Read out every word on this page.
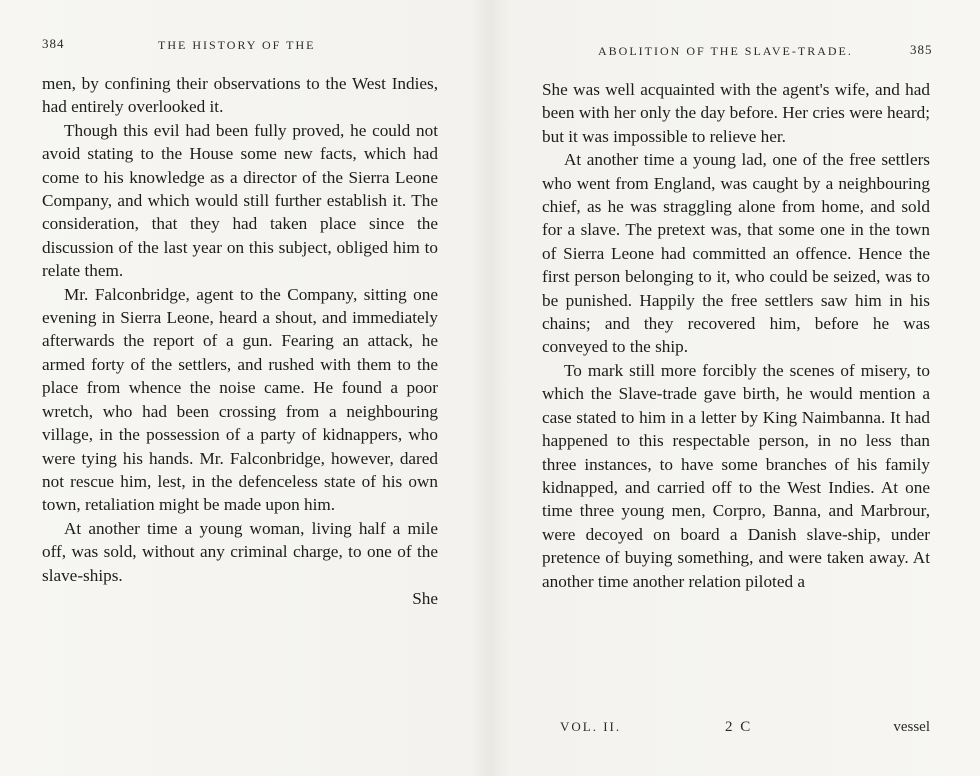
384	THE HISTORY OF THE

men, by confining their observations to the West Indies, had entirely overlooked it.

Though this evil had been fully proved, he could not avoid stating to the House some new facts, which had come to his knowledge as a director of the Sierra Leone Company, and which would still further establish it. The consideration, that they had taken place since the discussion of the last year on this subject, obliged him to relate them.

Mr. Falconbridge, agent to the Company, sitting one evening in Sierra Leone, heard a shout, and immediately afterwards the report of a gun. Fearing an attack, he armed forty of the settlers, and rushed with them to the place from whence the noise came. He found a poor wretch, who had been crossing from a neighbouring village, in the possession of a party of kidnappers, who were tying his hands. Mr. Falconbridge, however, dared not rescue him, lest, in the defenceless state of his own town, retaliation might be made upon him.

At another time a young woman, living half a mile off, was sold, without any criminal charge, to one of the slave-ships.

She

ABOLITION OF THE SLAVE-TRADE.	385

She was well acquainted with the agent's wife, and had been with her only the day before. Her cries were heard; but it was impossible to relieve her.

At another time a young lad, one of the free settlers who went from England, was caught by a neighbouring chief, as he was straggling alone from home, and sold for a slave. The pretext was, that some one in the town of Sierra Leone had committed an offence. Hence the first person belonging to it, who could be seized, was to be punished. Happily the free settlers saw him in his chains; and they recovered him, before he was conveyed to the ship.

To mark still more forcibly the scenes of misery, to which the Slave-trade gave birth, he would mention a case stated to him in a letter by King Naimbanna. It had happened to this respectable person, in no less than three instances, to have some branches of his family kidnapped, and carried off to the West Indies. At one time three young men, Corpro, Banna, and Marbrour, were decoyed on board a Danish slave-ship, under pretence of buying something, and were taken away. At another time another relation piloted a

VOL. II.	2 C	vessel
